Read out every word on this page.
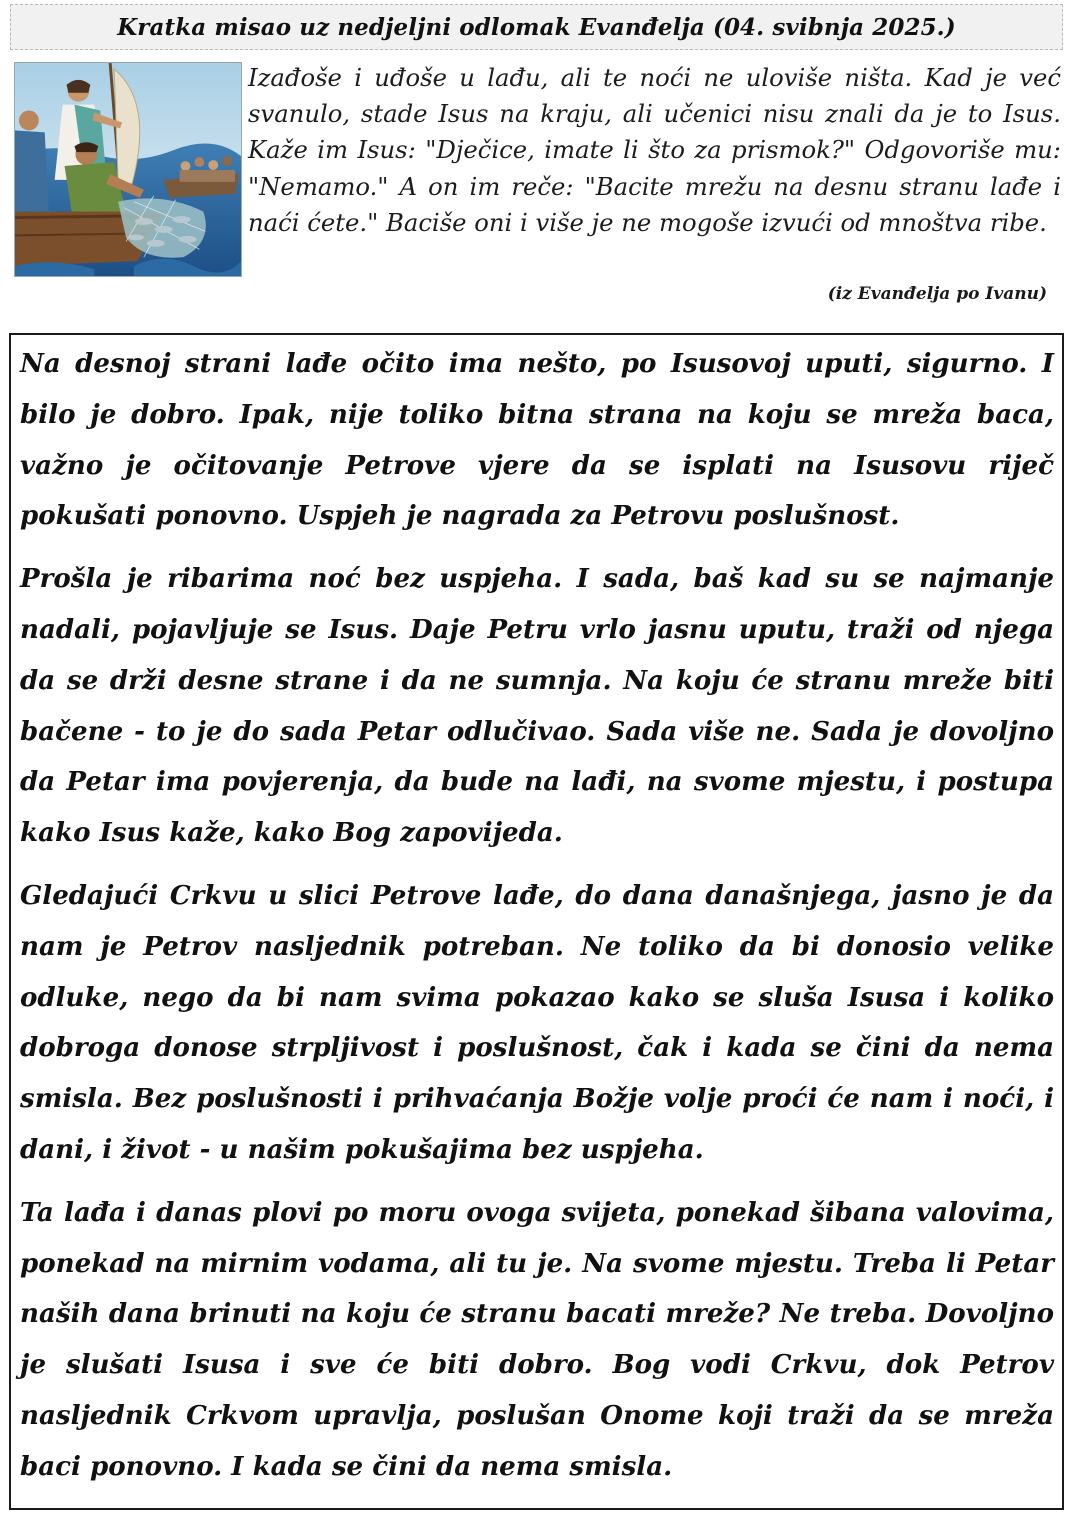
Kratka misao uz nedjeljni odlomak Evanđelja (04. svibnja 2025.)

Izađoše i uđoše u lađu, ali te noći ne uloviše ništa. Kad je već svanulo, stade Isus na kraju, ali učenici nisu znali da je to Isus. Kaže im Isus: "Dječice, imate li što za prismok?" Odgovoriše mu: "Nemamo." A on im reče: "Bacite mrežu na desnu stranu lađe i naći ćete." Baciše oni i više je ne mogoše izvući od mnoštva ribe.

(iz Evanđelja po Ivanu)

Na desnoj strani lađe očito ima nešto, po Isusovoj uputi, sigurno. I bilo je dobro. Ipak, nije toliko bitna strana na koju se mreža baca, važno je očitovanje Petrove vjere da se isplati na Isusovu riječ pokušati ponovno. Uspjeh je nagrada za Petrovu poslušnost.

Prošla je ribarima noć bez uspjeha. I sada, baš kad su se najmanje nadali, pojavljuje se Isus. Daje Petru vrlo jasnu uputu, traži od njega da se drži desne strane i da ne sumnja. Na koju će stranu mreže biti bačene - to je do sada Petar odlučivao. Sada više ne. Sada je dovoljno da Petar ima povjerenja, da bude na lađi, na svome mjestu, i postupa kako Isus kaže, kako Bog zapovijeda.

Gledajući Crkvu u slici Petrove lađe, do dana današnjega, jasno je da nam je Petrov nasljednik potreban. Ne toliko da bi donosio velike odluke, nego da bi nam svima pokazao kako se sluša Isusa i koliko dobroga donose strpljivost i poslušnost, čak i kada se čini da nema smisla. Bez poslušnosti i prihvaćanja Božje volje proći će nam i noći, i dani, i život - u našim pokušajima bez uspjeha.

Ta lađa i danas plovi po moru ovoga svijeta, ponekad šibana valovima, ponekad na mirnim vodama, ali tu je. Na svome mjestu. Treba li Petar naših dana brinuti na koju će stranu bacati mreže? Ne treba. Dovoljno je slušati Isusa i sve će biti dobro. Bog vodi Crkvu, dok Petrov nasljednik Crkvom upravlja, poslušan Onome koji traži da se mreža baci ponovno. I kada se čini da nema smisla.
